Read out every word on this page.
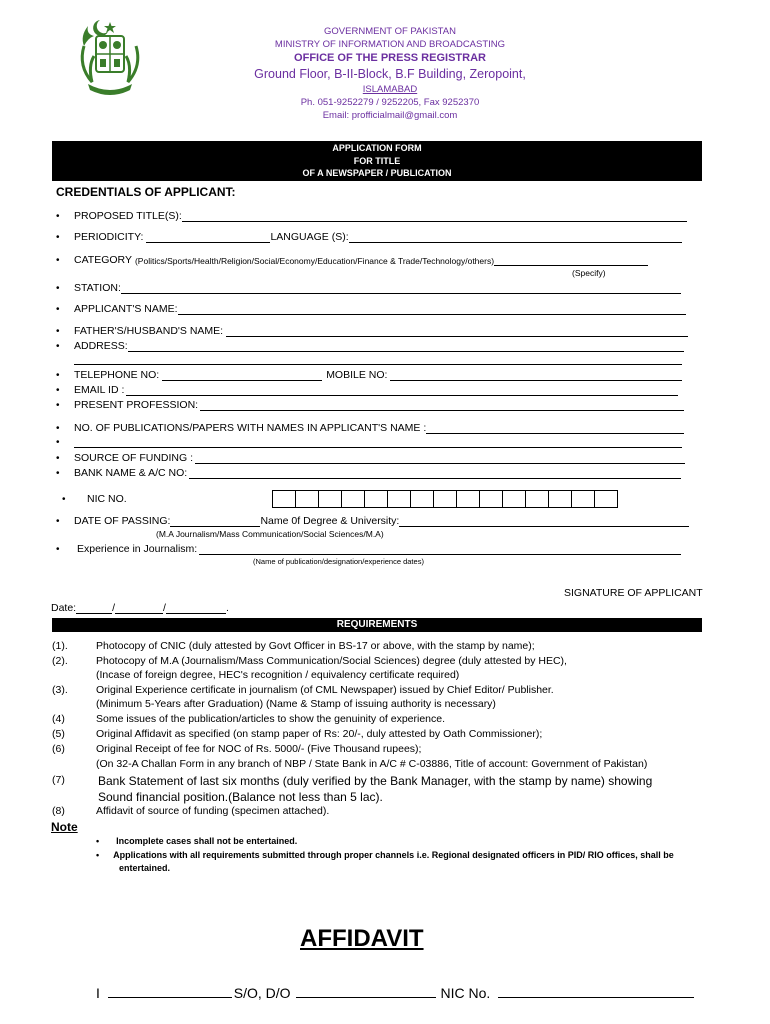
GOVERNMENT OF PAKISTAN
MINISTRY OF INFORMATION AND BROADCASTING
OFFICE OF THE PRESS REGISTRAR
Ground Floor, B-II-Block, B.F Building, Zeropoint,
ISLAMABAD
Ph. 051-9252279 / 9252205, Fax 9252370
Email: profficialmail@gmail.com
APPLICATION FORM
FOR TITLE
OF A NEWSPAPER / PUBLICATION
CREDENTIALS OF APPLICANT:
•	PROPOSED TITLE(S):
•	PERIODICITY:	LANGUAGE (S):
•	CATEGORY (Politics/Sports/Health/Religion/Social/Economy/Education/Finance & Trade/Technology/others)
(Specify)
•	STATION:
•	APPLICANT'S NAME:
•	FATHER'S/HUSBAND'S NAME:
•	ADDRESS:
•	TELEPHONE NO:	MOBILE NO:
•	EMAIL ID :
•	PRESENT PROFESSION:
•	NO. OF PUBLICATIONS/PAPERS WITH NAMES IN APPLICANT'S NAME :
•
•	SOURCE OF FUNDING :
•	BANK NAME & A/C NO:
•	NIC NO.
•	DATE OF PASSING:	Name 0f Degree & University:
(M.A Journalism/Mass Communication/Social Sciences/M.A)
•	Experience in Journalism:
(Name of publication/designation/experience dates)
SIGNATURE OF APPLICANT
Date:	/	/	.
REQUIREMENTS
(1).	Photocopy of CNIC (duly attested by Govt Officer in BS-17 or above, with the stamp by name);
(2).	Photocopy of M.A (Journalism/Mass Communication/Social Sciences) degree (duly attested by HEC),
(Incase of foreign degree, HEC's recognition / equivalency certificate required)
(3).	Original Experience certificate in journalism (of CML Newspaper) issued by Chief Editor/ Publisher.
(Minimum 5-Years after Graduation) (Name & Stamp of issuing authority is necessary)
(4)	Some issues of the publication/articles to show the genuinity of experience.
(5)	Original Affidavit as specified (on stamp paper of Rs: 20/-, duly attested by Oath Commissioner);
(6)	Original Receipt of fee for NOC of Rs. 5000/- (Five Thousand rupees);
(On 32-A Challan Form in any branch of NBP / State Bank in A/C # C-03886, Title of account: Government of Pakistan)
(7)	Bank Statement of last six months (duly verified by the Bank Manager, with the stamp by name) showing
Sound financial position.(Balance not less than 5 lac).
(8)	Affidavit of source of funding (specimen attached).
Note
• Incomplete cases shall not be entertained.
• Applications with all requirements submitted through proper channels i.e. Regional designated officers in PID/ RIO offices, shall be
entertained.
AFFIDAVIT
I	S/O, D/O	NIC No.
